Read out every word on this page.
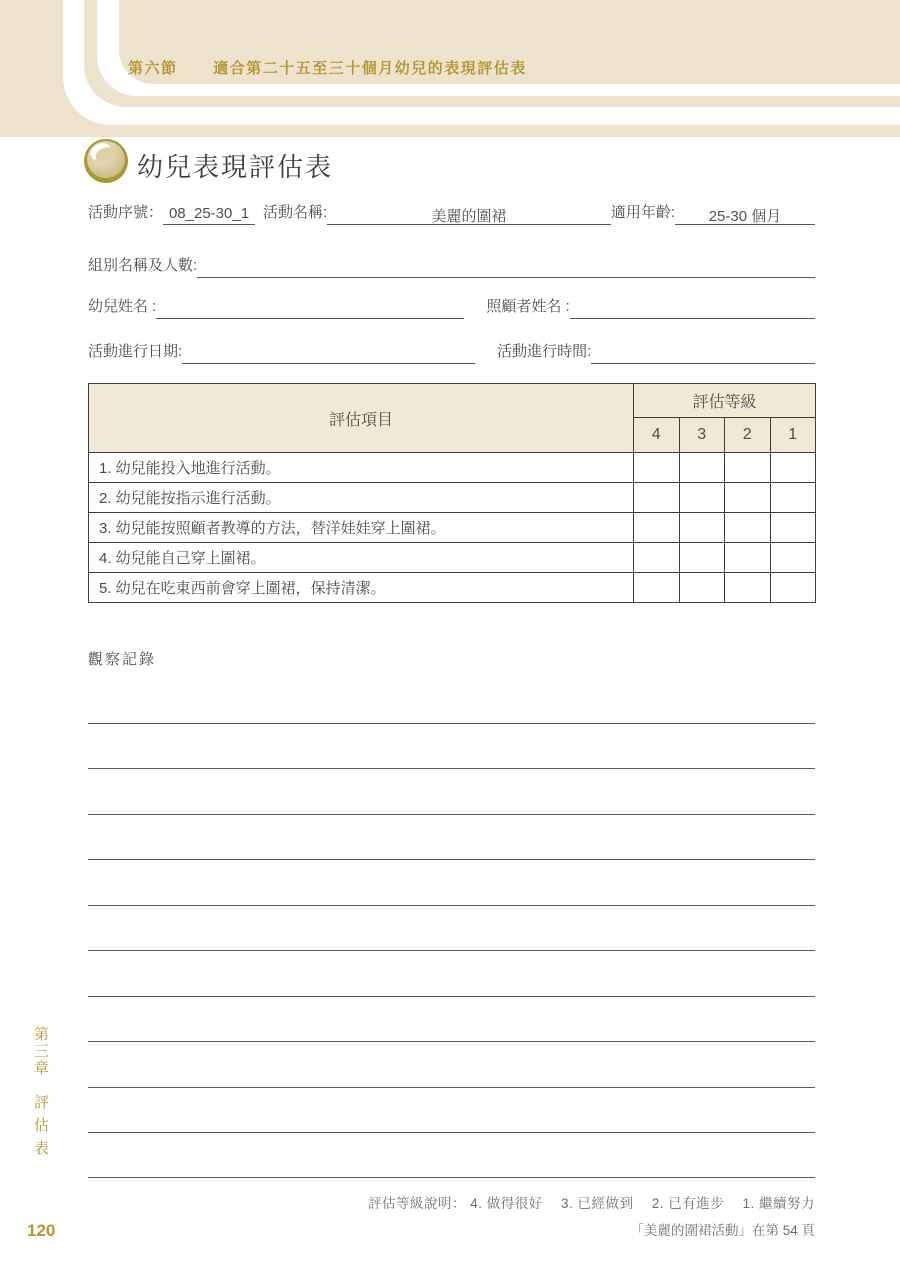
第六節 適合第二十五至三十個月幼兒的表現評估表
幼兒表現評估表
活動序號： 08_25-30_1 活動名稱:	美麗的圍裙	適用年齡:	25-30 個月
組別名稱及人數:
幼兒姓名 :	照顧者姓名 :
活動進行日期:	活動進行時間:
評估項目	評估等級			
	4	3	2	1
1. 幼兒能投入地進行活動。				
2. 幼兒能按指示進行活動。				
3. 幼兒能按照顧者教導的方法，替洋娃娃穿上圍裙。				
4. 幼兒能自己穿上圍裙。				
5. 幼兒在吃東西前會穿上圍裙，保持清潔。				
觀察記錄
第三章
評估表
120
評估等級說明： 4. 做得很好　 3. 已經做到　 2. 已有進步　 1. 繼續努力
「美麗的圍裙活動」在第 54 頁
